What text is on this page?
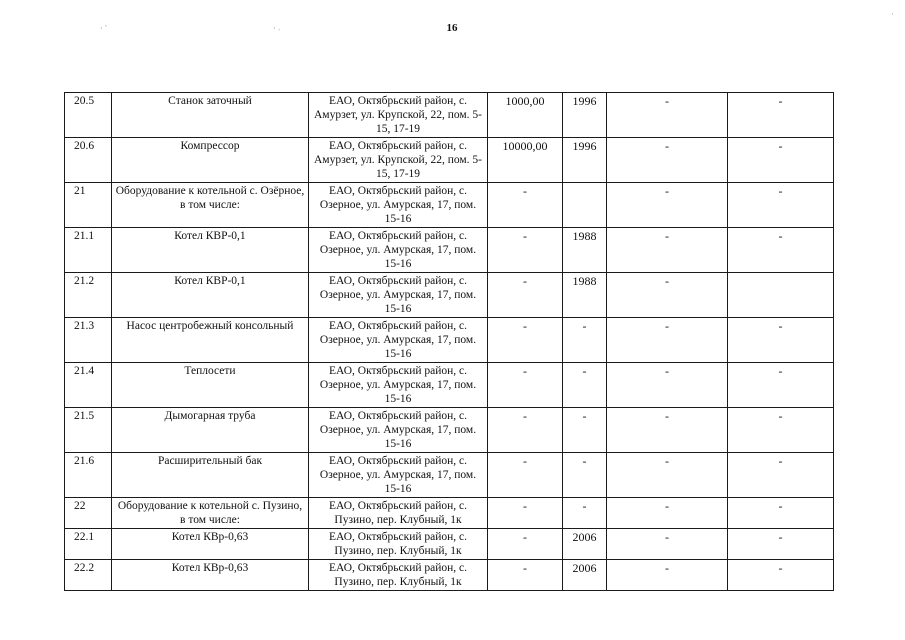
16
· ˋ	· ˒
·
20.5	Станок заточный	ЕАО, Октябрьский район, с. Амурзет, ул. Крупской, 22, пом. 5-15, 17-19	1000,00	1996	-	-
20.6	Компрессор	ЕАО, Октябрьский район, с. Амурзет, ул. Крупской, 22, пом. 5-15, 17-19	10000,00	1996	-	-
21	Оборудование к котельной с. Озёрное, в том числе:	ЕАО, Октябрьский район, с. Озерное, ул. Амурская, 17, пом. 15-16	-		-	-
21.1	Котел КВР-0,1	ЕАО, Октябрьский район, с. Озерное, ул. Амурская, 17, пом. 15-16	-	1988	-	-
21.2	Котел КВР-0,1	ЕАО, Октябрьский район, с. Озерное, ул. Амурская, 17, пом. 15-16	-	1988	-	
21.3	Насос центробежный консольный	ЕАО, Октябрьский район, с. Озерное, ул. Амурская, 17, пом. 15-16	-	-	-	-
21.4	Теплосети	ЕАО, Октябрьский район, с. Озерное, ул. Амурская, 17, пом. 15-16	-	-	-	-
21.5	Дымогарная труба	ЕАО, Октябрьский район, с. Озерное, ул. Амурская, 17, пом. 15-16	-	-	-	-
21.6	Расширительный бак	ЕАО, Октябрьский район, с. Озерное, ул. Амурская, 17, пом. 15-16	-	-	-	-
22	Оборудование к котельной с. Пузино, в том числе:	ЕАО, Октябрьский район, с. Пузино, пер. Клубный, 1к	-	-	-	-
22.1	Котел КВр-0,63	ЕАО, Октябрьский район, с. Пузино, пер. Клубный, 1к	-	2006	-	-
22.2	Котел КВр-0,63	ЕАО, Октябрьский район, с. Пузино, пер. Клубный, 1к	-	2006	-	-
